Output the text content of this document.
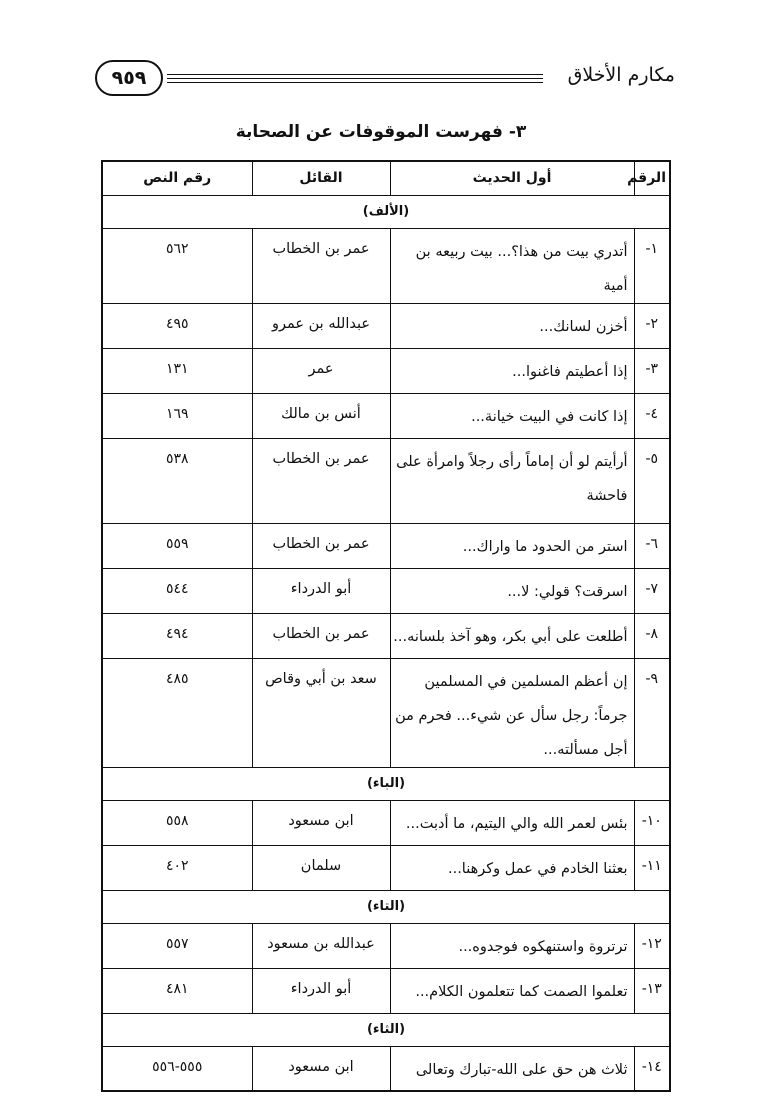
٩٥٩	مكارم الأخلاق
٣- فهرست الموقوفات عن الصحابة
الرقم	أول الحديث	القائل	رقم النص
(الألف)			
١-	أتدري بيت من هذا؟... بيت ربيعه بن أمية	عمر بن الخطاب	٥٦٢
٢-	أخزن لسانك...	عبدالله بن عمرو	٤٩٥
٣-	إذا أعطيتم فاغنوا...	عمر	١٣١
٤-	إذا كانت في البيت خيانة...	أنس بن مالك	١٦٩
٥-	أرأيتم لو أن إماماً رأى رجلاً وامرأة على فاحشة	عمر بن الخطاب	٥٣٨
٦-	استر من الحدود ما واراك...	عمر بن الخطاب	٥٥٩
٧-	اسرقت؟ قولي: لا...	أبو الدرداء	٥٤٤
٨-	أطلعت على أبي بكر، وهو آخذ بلسانه...	عمر بن الخطاب	٤٩٤
٩-	إن أعظم المسلمين في المسلمين جرماً: رجل سأل عن شيء... فحرم من أجل مسألته...	سعد بن أبي وقاص	٤٨٥
(الباء)			
١٠-	بئس لعمر الله والي اليتيم، ما أدبت...	ابن مسعود	٥٥٨
١١-	بعثنا الخادم في عمل وكرهنا...	سلمان	٤٠٢
(التاء)			
١٢-	ترتروة واستنهكوه فوجدوه...	عبدالله بن مسعود	٥٥٧
١٣-	تعلموا الصمت كما تتعلمون الكلام...	أبو الدرداء	٤٨١
(الثاء)			
١٤-	ثلاث هن حق على الله-تبارك وتعالى	ابن مسعود	٥٥٥-٥٥٦
